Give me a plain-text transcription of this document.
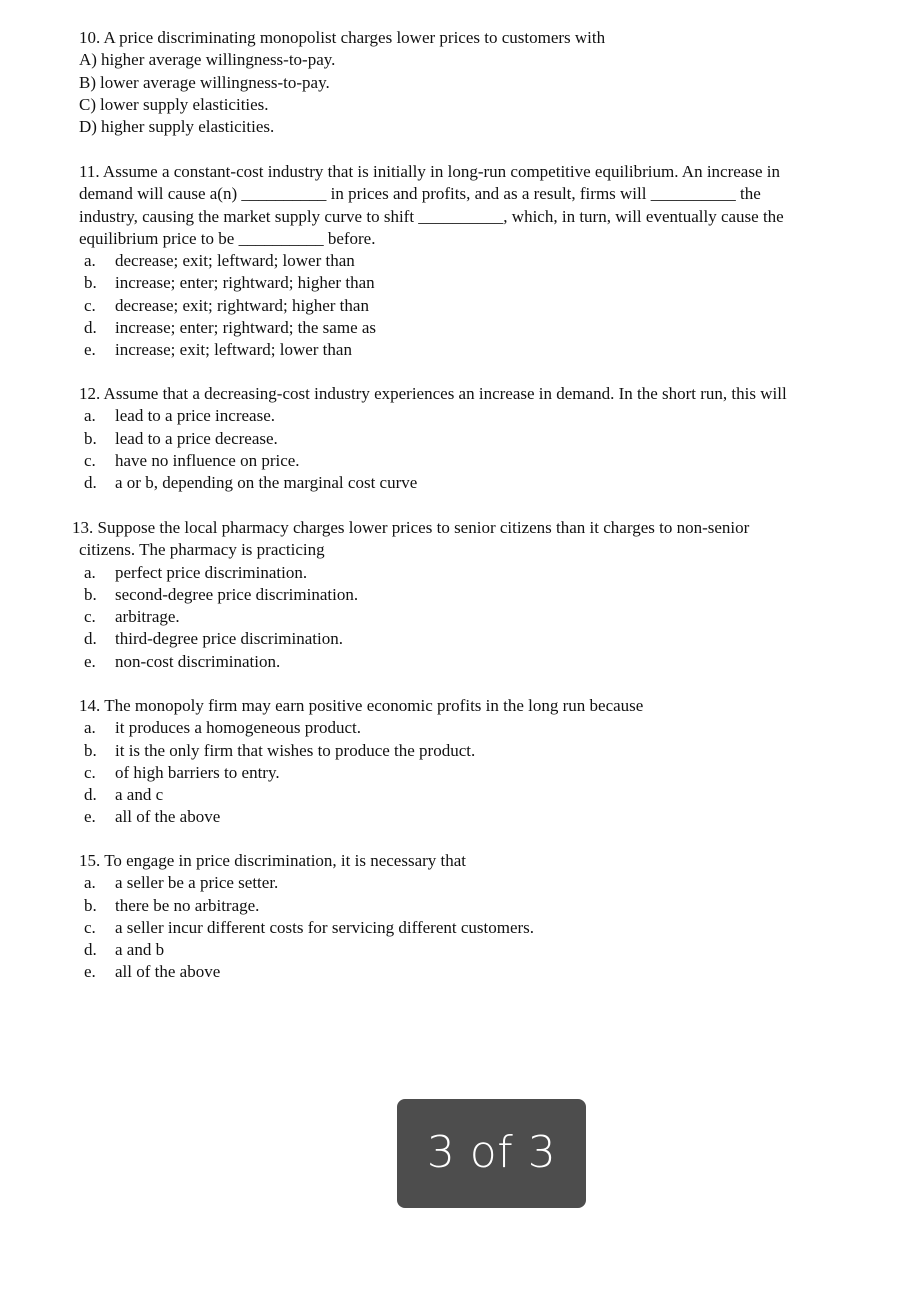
10. A price discriminating monopolist charges lower prices to customers with

A) higher average willingness-to-pay.
B) lower average willingness-to-pay.
C) lower supply elasticities.
D) higher supply elasticities.
11. Assume a constant-cost industry that is initially in long-run competitive equilibrium. An increase in
demand will cause a(n) __________ in prices and profits, and as a result, firms will __________ the
industry, causing the market supply curve to shift __________, which, in turn, will eventually cause the
equilibrium price to be __________ before.
a.	decrease; exit; leftward; lower than
b.	increase; enter; rightward; higher than
c.	decrease; exit; rightward; higher than
d.	increase; enter; rightward; the same as
e.	increase; exit; leftward; lower than

12. Assume that a decreasing-cost industry experiences an increase in demand. In the short run, this will

a.	lead to a price increase.
b.	lead to a price decrease.
c.	have no influence on price.
d.	a or b, depending on the marginal cost curve
13. Suppose the local pharmacy charges lower prices to senior citizens than it charges to non-senior
citizens. The pharmacy is practicing
a.	perfect price discrimination.
b.	second-degree price discrimination.
c.	arbitrage.
d.	third-degree price discrimination.
e.	non-cost discrimination.

14. The monopoly firm may earn positive economic profits in the long run because

a.	it produces a homogeneous product.
b.	it is the only firm that wishes to produce the product.
c.	of high barriers to entry.
d.	a and c
e.	all of the above

15. To engage in price discrimination, it is necessary that

a.	a seller be a price setter.
b.	there be no arbitrage.
c.	a seller incur different costs for servicing different customers.
d.	a and b
e.	all of the above
3 of 3
